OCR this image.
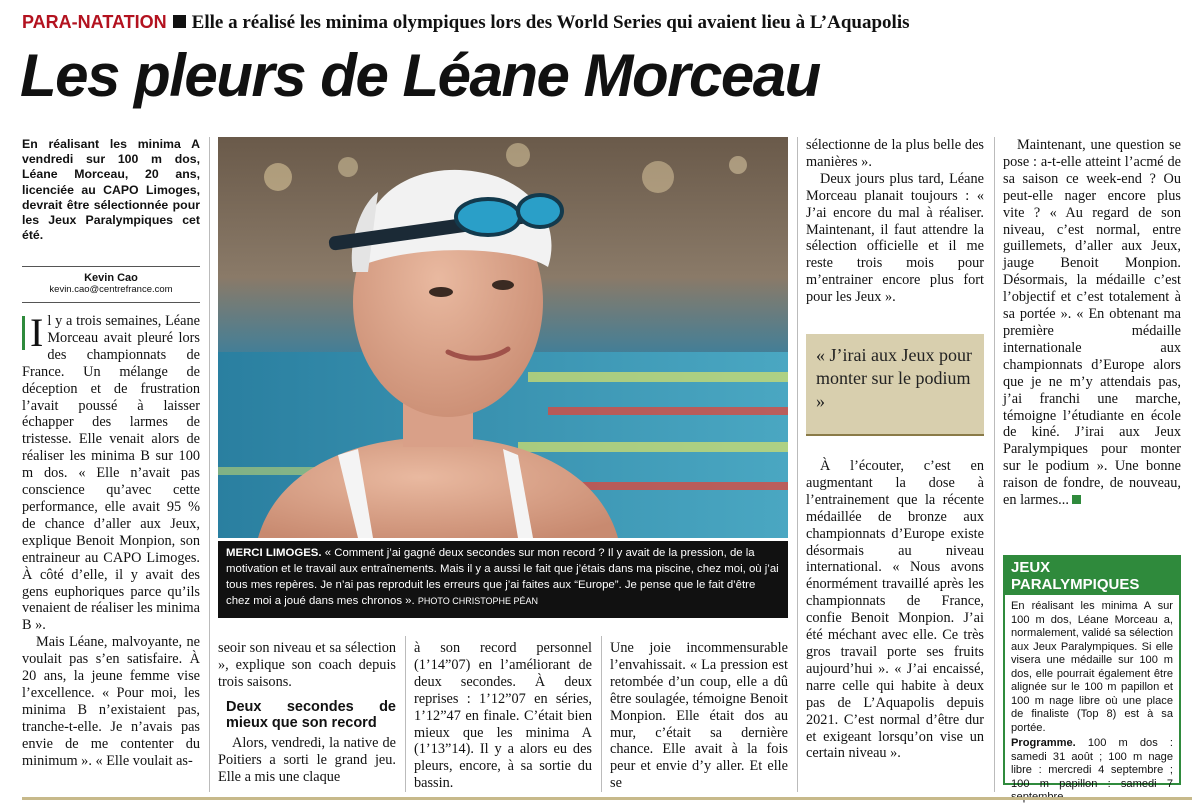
PARA-NATATION Elle a réalisé les minima olympiques lors des World Series qui avaient lieu à L’Aquapolis
Les pleurs de Léane Morceau
En réalisant les minima A vendredi sur 100 m dos, Léane Morceau, 20 ans, licenciée au CAPO Limoges, devrait être sélectionnée pour les Jeux Paralympiques cet été.
Kevin Cao
kevin.cao@centrefrance.com

I l y a trois semaines, Léane Morceau avait pleuré lors des championnats de France. Un mélange de déception et de frustration l’avait poussé à laisser échapper des larmes de tristesse. Elle venait alors de réaliser les minima B sur 100 m dos. « Elle n’avait pas conscience qu’avec cette performance, elle avait 95 % de chance d’aller aux Jeux, explique Benoit Monpion, son entraineur au CAPO Limoges. À côté d’elle, il y avait des gens euphoriques parce qu’ils venaient de réaliser les minima B ».

Mais Léane, malvoyante, ne voulait pas s’en satisfaire. À 20 ans, la jeune femme vise l’excellence. « Pour moi, les minima B n’existaient pas, tranche-t-elle. Je n’avais pas envie de me contenter du minimum ». « Elle voulait as-

MERCI LIMOGES. « Comment j’ai gagné deux secondes sur mon record ? Il y avait de la pression, de la motivation et le travail aux entraînements. Mais il y a aussi le fait que j’étais dans ma piscine, chez moi, où j’ai tous mes repères. Je n’ai pas reproduit les erreurs que j’ai faites aux “Europe”. Je pense que le fait d’être chez moi a joué dans mes chronos ». PHOTO CHRISTOPHE PÉAN

seoir son niveau et sa sélection », explique son coach depuis trois saisons.

Deux secondes de mieux que son record

Alors, vendredi, la native de Poitiers a sorti le grand jeu. Elle a mis une claque

à son record personnel (1’14”07) en l’améliorant de deux secondes. À deux reprises : 1’12”07 en séries, 1’12”47 en finale. C’était bien mieux que les minima A (1’13”14). Il y a alors eu des pleurs, encore, à sa sortie du bassin.

Une joie incommensurable l’envahissait. « La pression est retombée d’un coup, elle a dû être soulagée, témoigne Benoit Monpion. Elle était dos au mur, c’était sa dernière chance. Elle avait à la fois peur et envie d’y aller. Et elle se

sélectionne de la plus belle des manières ».

Deux jours plus tard, Léane Morceau planait toujours : « J’ai encore du mal à réaliser. Maintenant, il faut attendre la sélection officielle et il me reste trois mois pour m’entrainer encore plus fort pour les Jeux ».

« J’irai aux Jeux pour monter sur le podium »

À l’écouter, c’est en augmentant la dose à l’entrainement que la récente médaillée de bronze aux championnats d’Europe existe désormais au niveau international. « Nous avons énormément travaillé après les championnats de France, confie Benoit Monpion. J’ai été méchant avec elle. Ce très gros travail porte ses fruits aujourd’hui ». « J’ai encaissé, narre celle qui habite à deux pas de L’Aquapolis depuis 2021. C’est normal d’être dur et exigeant lorsqu’on vise un certain niveau ».

Maintenant, une question se pose : a-t-elle atteint l’acmé de sa saison ce week-end ? Ou peut-elle nager encore plus vite ? « Au regard de son niveau, c’est normal, entre guillemets, d’aller aux Jeux, jauge Benoit Monpion. Désormais, la médaille c’est l’objectif et c’est totalement à sa portée ». « En obtenant ma première médaille internationale aux championnats d’Europe alors que je ne m’y attendais pas, j’ai franchi une marche, témoigne l’étudiante en école de kiné. J’irai aux Jeux Paralympiques pour monter sur le podium ». Une bonne raison de fondre, de nouveau, en larmes...

JEUX PARALYMPIQUES
En réalisant les minima A sur 100 m dos, Léane Morceau a, normalement, validé sa sélection aux Jeux Paralympiques. Si elle visera une médaille sur 100 m dos, elle pourrait également être alignée sur le 100 m papillon et 100 m nage libre où une place de finaliste (Top 8) est à sa portée.
Programme. 100 m dos : samedi 31 août ; 100 m nage libre : mercredi 4 septembre ; 100 m papillon : samedi 7
